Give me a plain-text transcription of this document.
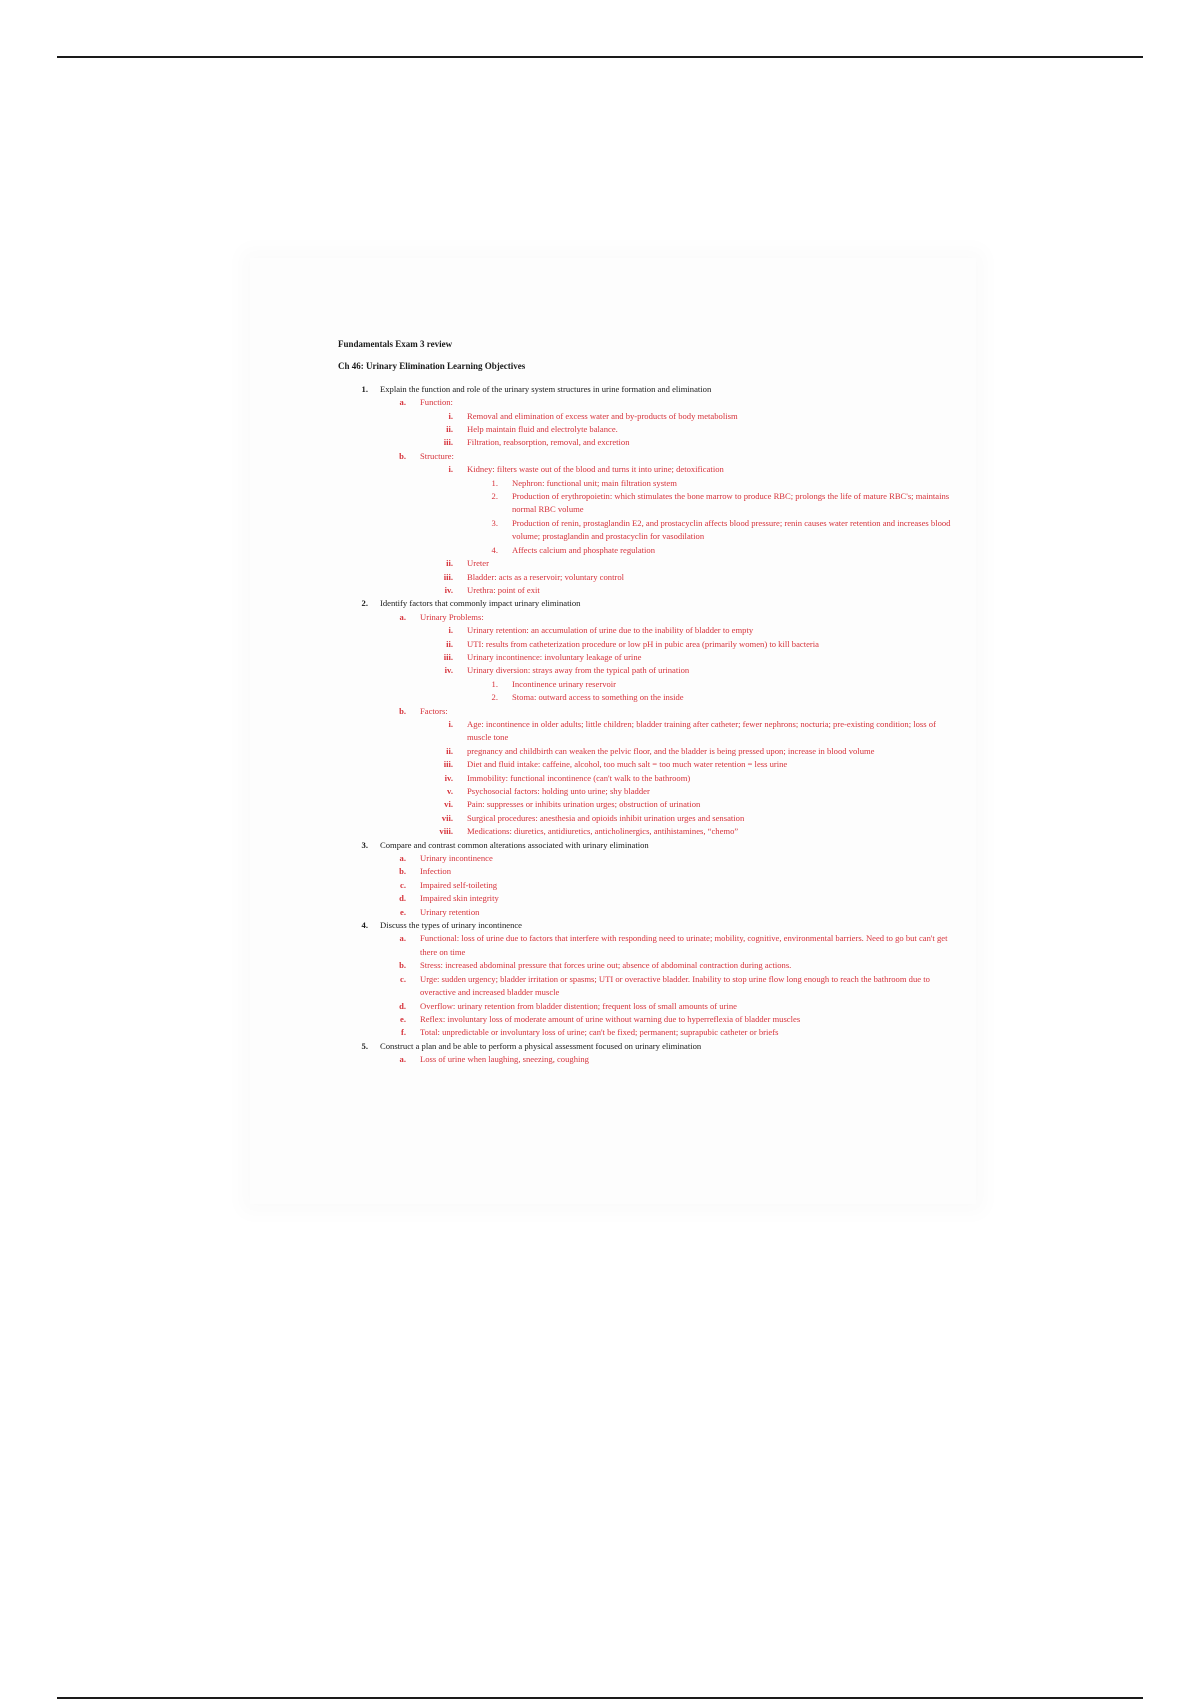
Fundamentals Exam 3 review
Ch 46: Urinary Elimination Learning Objectives
1.	Explain the function and role of the urinary system structures in urine formation and elimination
a.	Function:
i.	Removal and elimination of excess water and by-products of body metabolism
ii.	Help maintain fluid and electrolyte balance.
iii.	Filtration, reabsorption, removal, and excretion
b.	Structure:
i.	Kidney: filters waste out of the blood and turns it into urine; detoxification
1.	Nephron: functional unit; main filtration system
2.	Production of erythropoietin: which stimulates the bone marrow to produce RBC; prolongs the life of mature RBC's; maintains normal RBC volume
3.	Production of renin, prostaglandin E2, and prostacyclin affects blood pressure; renin causes water retention and increases blood volume; prostaglandin and prostacyclin for vasodilation
4.	Affects calcium and phosphate regulation
ii.	Ureter
iii.	Bladder: acts as a reservoir; voluntary control
iv.	Urethra: point of exit
2.	Identify factors that commonly impact urinary elimination
a.	Urinary Problems:
i.	Urinary retention: an accumulation of urine due to the inability of bladder to empty
ii.	UTI: results from catheterization procedure or low pH in pubic area (primarily women) to kill bacteria
iii.	Urinary incontinence: involuntary leakage of urine
iv.	Urinary diversion: strays away from the typical path of urination
1.	Incontinence urinary reservoir
2.	Stoma: outward access to something on the inside
b.	Factors:
i.	Age: incontinence in older adults; little children; bladder training after catheter; fewer nephrons; nocturia; pre-existing condition; loss of muscle tone
ii.	pregnancy and childbirth can weaken the pelvic floor, and the bladder is being pressed upon; increase in blood volume
iii.	Diet and fluid intake: caffeine, alcohol, too much salt = too much water retention = less urine
iv.	Immobility: functional incontinence (can't walk to the bathroom)
v.	Psychosocial factors: holding unto urine; shy bladder
vi.	Pain: suppresses or inhibits urination urges; obstruction of urination
vii.	Surgical procedures: anesthesia and opioids inhibit urination urges and sensation
viii.	Medications: diuretics, antidiuretics, anticholinergics, antihistamines, “chemo”
3.	Compare and contrast common alterations associated with urinary elimination
a.	Urinary incontinence
b.	Infection
c.	Impaired self-toileting
d.	Impaired skin integrity
e.	Urinary retention
4.	Discuss the types of urinary incontinence
a.	Functional: loss of urine due to factors that interfere with responding need to urinate; mobility, cognitive, environmental barriers. Need to go but can't get there on time
b.	Stress: increased abdominal pressure that forces urine out; absence of abdominal contraction during actions.
c.	Urge: sudden urgency; bladder irritation or spasms; UTI or overactive bladder. Inability to stop urine flow long enough to reach the bathroom due to overactive and increased bladder muscle
d.	Overflow: urinary retention from bladder distention; frequent loss of small amounts of urine
e.	Reflex: involuntary loss of moderate amount of urine without warning due to hyperreflexia of bladder muscles
f.	Total: unpredictable or involuntary loss of urine; can't be fixed; permanent; suprapubic catheter or briefs
5.	Construct a plan and be able to perform a physical assessment focused on urinary elimination
a.	Loss of urine when laughing, sneezing, coughing
